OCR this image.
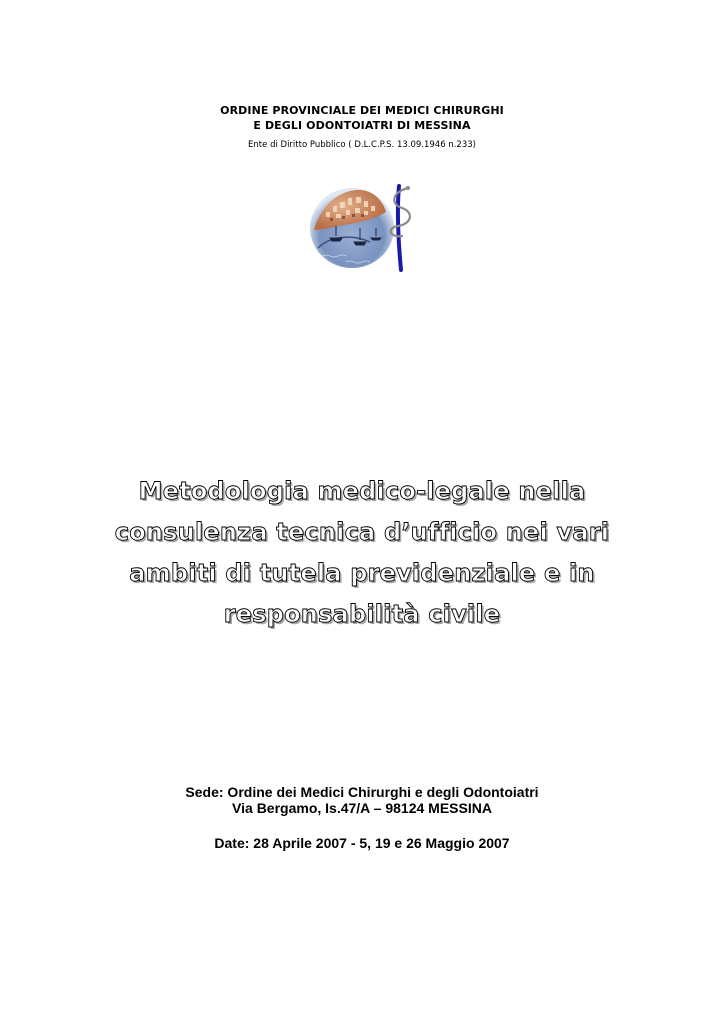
ORDINE PROVINCIALE DEI MEDICI CHIRURGHI
E DEGLI ODONTOIATRI DI MESSINA
Ente di Diritto Pubblico ( D.L.C.P.S. 13.09.1946 n.233)
Metodologia medico-legale nella
consulenza tecnica d’ufficio nei vari
ambiti di tutela previdenziale e in
responsabilità civile
Sede: Ordine dei Medici Chirurghi e degli Odontoiatri
Via Bergamo, Is.47/A – 98124 MESSINA
Date: 28 Aprile 2007 - 5, 19 e 26 Maggio 2007
